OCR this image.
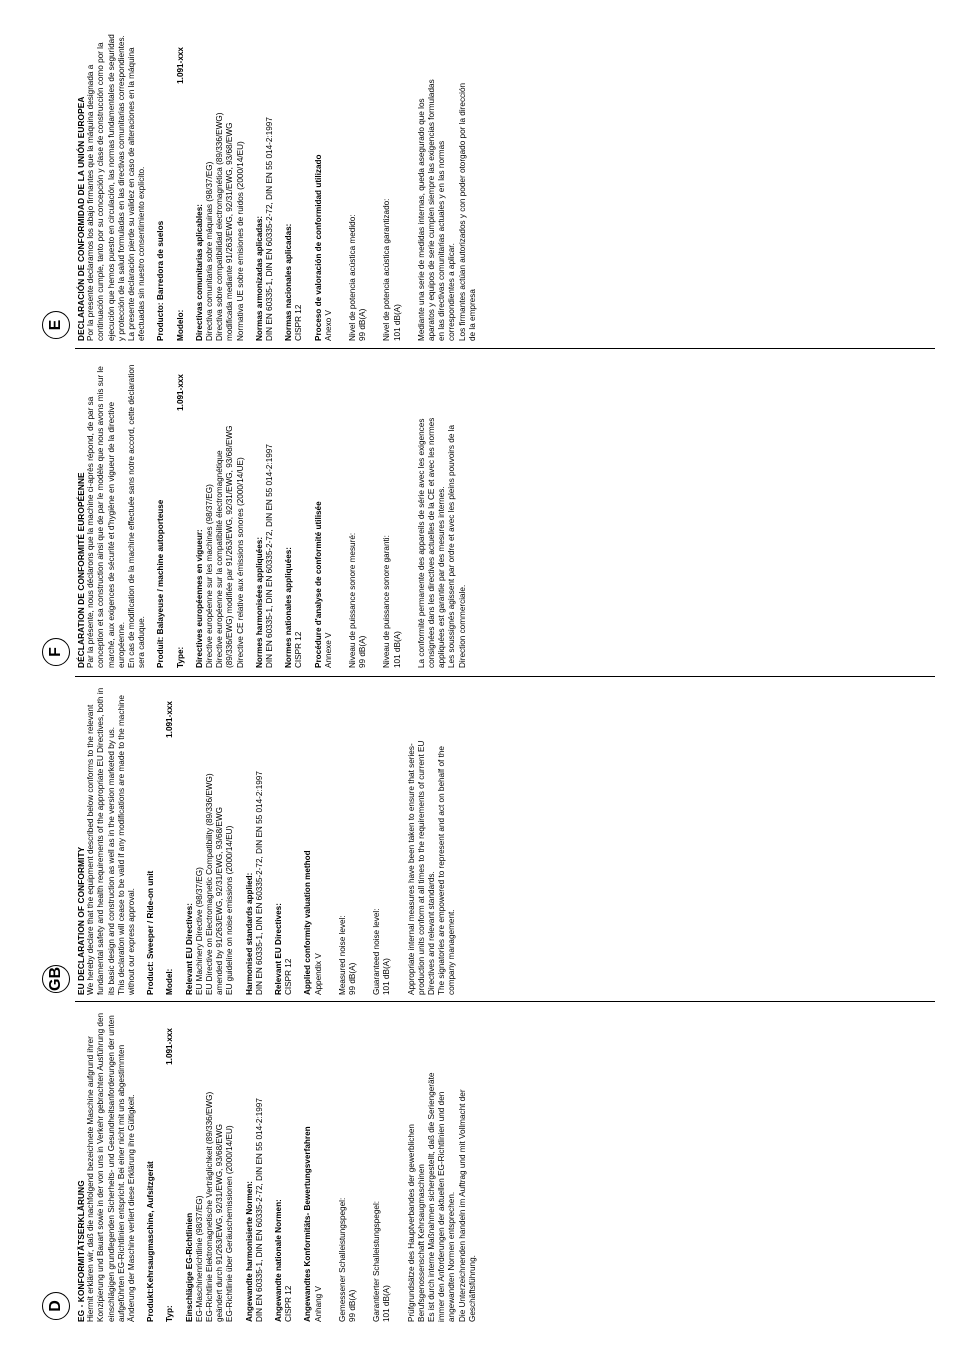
D	EG - KONFORMITÄTSERKLÄRUNG Hiermit erklären wir, daß die nachfolgend bezeichnete Maschine aufgrund ihrer Konzipierung und Bauart sowie in der von uns in Verkehr gebrachten Ausführung den einschlägigen grundlegenden Sicherheits- und Gesundheitsanforderungen der unten aufgeführten EG-Richtlinien entspricht. Bei einer nicht mit uns abgestimmten Änderung der Maschine verliert diese Erklärung ihre Gültigkeit. Produkt:Kehrsaugmaschine, Aufsitzgerät
Typ:
1.091-xxx
Einschlägige EG-Richtlinien EG-Maschinenrichtlinie (98/37/EG) EG-Richtlinie Elektromagnetische Verträglichkeit (89/336/EWG) geändert durch 91/263/EWG, 92/31/EWG, 93/68/EWG EG-Richtlinie über Geräuschemissionen (2000/14/EU) Angewandte harmonisierte Normen: DIN EN 60335-1, DIN EN 60335-2-72, DIN EN 55 014-2:1997 Angewandte nationale Normen: CISPR 12 Angewandtes Konformitäts- Bewertungsverfahren Anhang V Gemessener Schalleistungspegel: 99 dB(A) Garantierter Schalleistungspegel: 101 dB(A) Prüfgrundsätze des Hauptverbandes der gewerblichen Berufsgenossenschaft Kehrsaugmaschinen Es ist durch interne Maßnahmen sichergestellt, daß die Seriengeräte immer den Anforderungen der aktuellen EG-Richtlinien und den angewandten Normen entsprechen. Die Unterzeichnenden handeln im Auftrag und mit Vollmacht der Geschäftsführung.
GB	EU DECLARATION OF CONFORMITY We hereby declare that the equipment described below conforms to the relevant fundamental safety and health requirements of the appropriate EU Directives, both in its basic design and construction as well as in the version marketed by us. This declaration will cease to be valid if any modifications are made to the machine without our express approval. Product: Sweeper / Ride-on unit
Model:
1.091-xxx
Relevant EU Directives: EU Machinery Directive (98/37/EG) EU Directive on Electromagnetic Compatibility (89/336/EWG) amended by 91/263/EWG, 92/31/EWG, 93/68/EWG EU guideline on noise emissions (2000/14/EU) Harmonised standards applied: DIN EN 60335-1, DIN EN 60335-2-72, DIN EN 55 014-2:1997 Relevant EU Directives: CISPR 12 Applied conformity valuation method Appendix V Measured noise level: 99 dB(A) Guaranteed noise level: 101 dB(A) Appropriate internal measures have been taken to ensure that series- production units conform at all times to the requirements of current EU Directives and relevant standards. The signatories are empowered to represent and act on behalf of the company management.
F	DÉCLARATION DE CONFORMITÉ EUROPÉENNE Par la présente, nous déclarons que la machine ci-après répond, de par sa conception et sa construction ainsi que de par le modèle que nous avons mis sur le marché, aux exigences de sécurité et d'hygiène en vigueur de la directive européenne. En cas de modification de la machine effectuée sans notre accord, cette déclaration sera caduque. Produit: Balayeuse / machine autoporteuse
Type:
1.091-xxx
Directives européennes en vigueur: Directive européenne sur les machines (98/37/EG) Directive européenne sur la compatibilité électromagnétique (89/336/EWG) modifiée par 91/263/EWG, 92/31/EWG, 93/68/EWG Directive CE relative aux émissions sonores (2000/14/UE) Normes harmonisées appliquées: DIN EN 60335-1, DIN EN 60335-2-72, DIN EN 55 014-2:1997 Normes nationales appliquées: CISPR 12 Procédure d'analyse de conformité utilisée Annexe V Niveau de puissance sonore mesuré: 99 dB(A) Niveau de puissance sonore garanti: 101 dB(A) La conformité permanente des appareils de série avec les exigences consignées dans les directives actuelles de la CE et avec les normes appliquées est garantie par des mesures internes. Les soussignés agissent par ordre et avec les pleins pouvoirs de la Direction commerciale.
E	DECLARACIÓN DE CONFORMIDAD DE LA UNIÓN EUROPEA Por la presente declaramos los abajo firmantes que la máquina designada a continuación cumple, tanto por su concepción y clase de construcción como por la ejecución que hemos puesto en circulación, las normas fundamentales de seguridad y protección de la salud formuladas en las directivas comunitarias correspondientes. La presente declaración pierde su validez en caso de alteraciones en la máquina efectuadas sin nuestro consentimiento explícito. Producto: Barredora de suelos
Modelo:
1.091-xxx
Directivas comunitarias aplicables: Directiva comunitaria sobre máquinas (98/37/EG) Directiva sobre compatibilidad electromagnética (89/336/EWG) modificada mediante 91/263/EWG, 92/31/EWG, 93/68/EWG Normativa UE sobre emisiones de ruidos (2000/14/EU) Normas armonizadas aplicadas: DIN EN 60335-1, DIN EN 60335-2-72, DIN EN 55 014-2:1997 Normas nacionales aplicadas: CISPR 12 Proceso de valoración de conformidad utilizado Anexo V Nivel de potencia acústica medido: 99 dB(A) Nivel de potencia acústica garantizado: 101 dB(A) Mediante una serie de medidas internas, queda asegurado que los aparatos y equipos de serie cumplen siempre las exigencias formuladas en las directivas comunitarias actuales y en las normas correspondientes a aplicar. Los firmantes actúan autorizados y con poder otorgado por la dirección de la empresa
